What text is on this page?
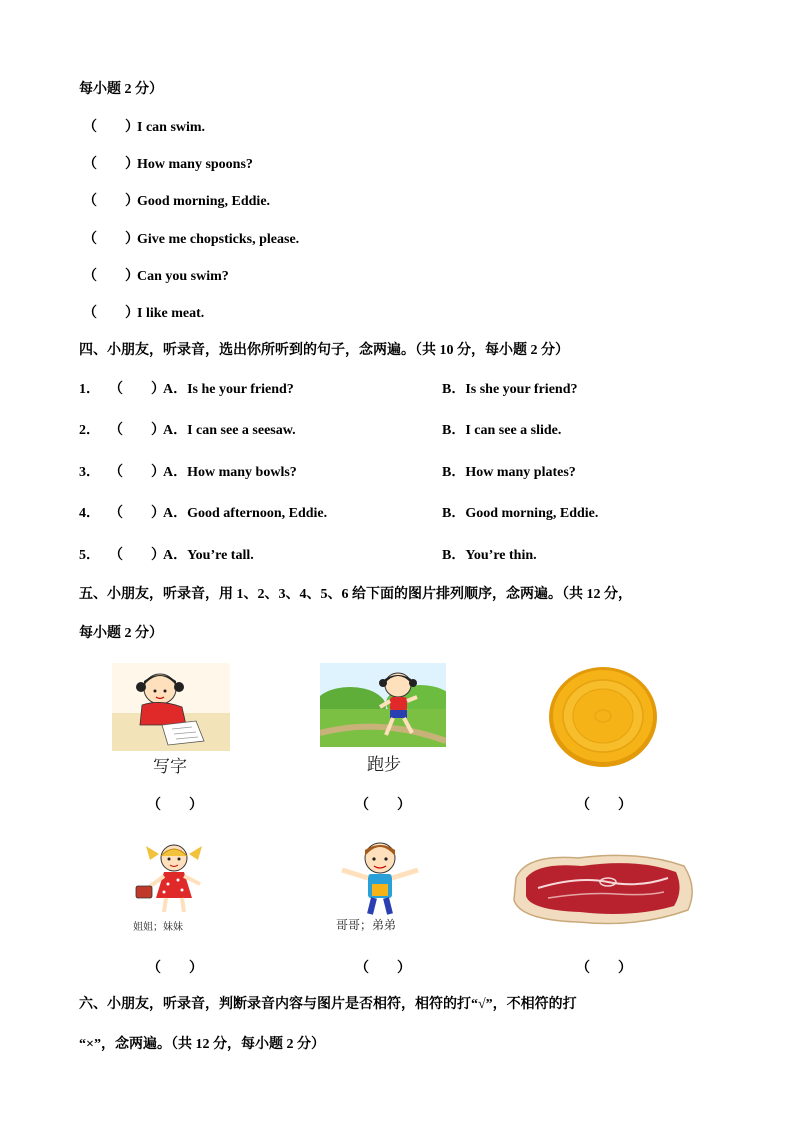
每小题 2 分）
（　　）I can swim.
（　　）How many spoons?
（　　）Good morning, Eddie.
（　　）Give me chopsticks, please.
（　　）Can you swim?
（　　）I like meat.
四、小朋友，听录音，选出你所听到的句子，念两遍。（共 10 分，每小题 2 分）
1． （　　）A．Is he your friend?	B．Is she your friend?
2． （　　）A．I can see a seesaw.	B．I can see a slide.
3． （　　）A．How many bowls?	B．How many plates?
4． （　　）A．Good afternoon, Eddie.	B．Good morning, Eddie.
5． （　　）A．You’re tall.	B．You’re thin.
五、小朋友，听录音，用 1、2、3、4、5、6 给下面的图片排列顺序，念两遍。（共 12 分，
每小题 2 分）
写字	跑步
姐姐；妹妹	哥哥；弟弟
（　　）	（　　）	（　　）
（　　）	（　　）	（　　）
六、小朋友，听录音，判断录音内容与图片是否相符，相符的打“√”，不相符的打
“×”，念两遍。（共 12 分，每小题 2 分）
